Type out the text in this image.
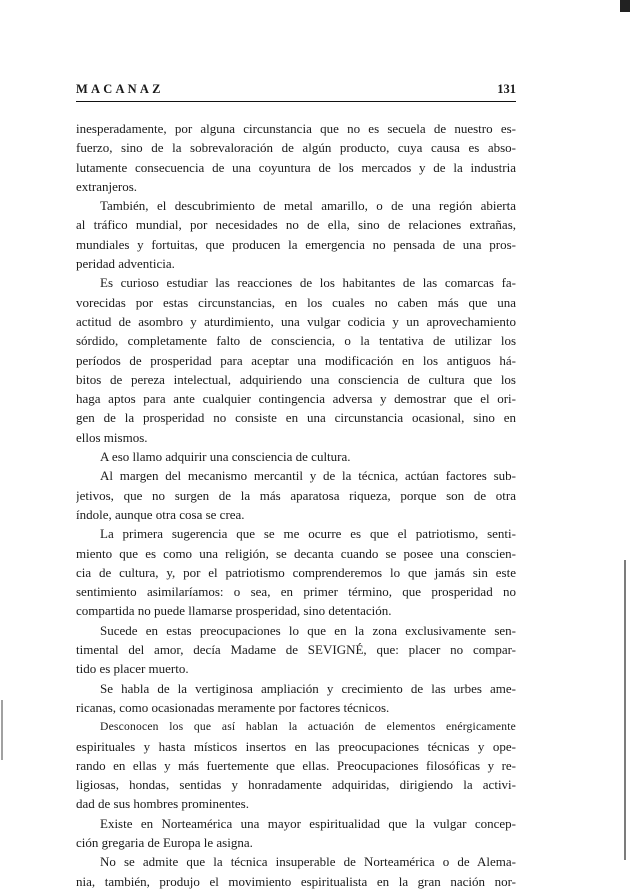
MACANAZ	131
inesperadamente, por alguna circunstancia que no es secuela de nuestro es-
fuerzo, sino de la sobrevaloración de algún producto, cuya causa es abso-
lutamente consecuencia de una coyuntura de los mercados y de la industria
extranjeros.
También, el descubrimiento de metal amarillo, o de una región abierta
al tráfico mundial, por necesidades no de ella, sino de relaciones extrañas,
mundiales y fortuitas, que producen la emergencia no pensada de una pros-
peridad adventicia.
Es curioso estudiar las reacciones de los habitantes de las comarcas fa-
vorecidas por estas circunstancias, en los cuales no caben más que una
actitud de asombro y aturdimiento, una vulgar codicia y un aprovechamiento
sórdido, completamente falto de consciencia, o la tentativa de utilizar los
períodos de prosperidad para aceptar una modificación en los antiguos há-
bitos de pereza intelectual, adquiriendo una consciencia de cultura que los
haga aptos para ante cualquier contingencia adversa y demostrar que el ori-
gen de la prosperidad no consiste en una circunstancia ocasional, sino en
ellos mismos.
A eso llamo adquirir una consciencia de cultura.
Al margen del mecanismo mercantil y de la técnica, actúan factores sub-
jetivos, que no surgen de la más aparatosa riqueza, porque son de otra
índole, aunque otra cosa se crea.
La primera sugerencia que se me ocurre es que el patriotismo, senti-
miento que es como una religión, se decanta cuando se posee una conscien-
cia de cultura, y, por el patriotismo comprenderemos lo que jamás sin este
sentimiento asimilaríamos: o sea, en primer término, que prosperidad no
compartida no puede llamarse prosperidad, sino detentación.
Sucede en estas preocupaciones lo que en la zona exclusivamente sen-
timental del amor, decía Madame de SEVIGNÉ, que: placer no compar-
tido es placer muerto.
Se habla de la vertiginosa ampliación y crecimiento de las urbes ame-
ricanas, como ocasionadas meramente por factores técnicos.
Desconocen los que así hablan la actuación de elementos enérgicamente
espirituales y hasta místicos insertos en las preocupaciones técnicas y ope-
rando en ellas y más fuertemente que ellas. Preocupaciones filosóficas y re-
ligiosas, hondas, sentidas y honradamente adquiridas, dirigiendo la activi-
dad de sus hombres prominentes.
Existe en Norteamérica una mayor espiritualidad que la vulgar concep-
ción gregaria de Europa le asigna.
No se admite que la técnica insuperable de Norteamérica o de Alema-
nia, también, produjo el movimiento espiritualista en la gran nación nor-
